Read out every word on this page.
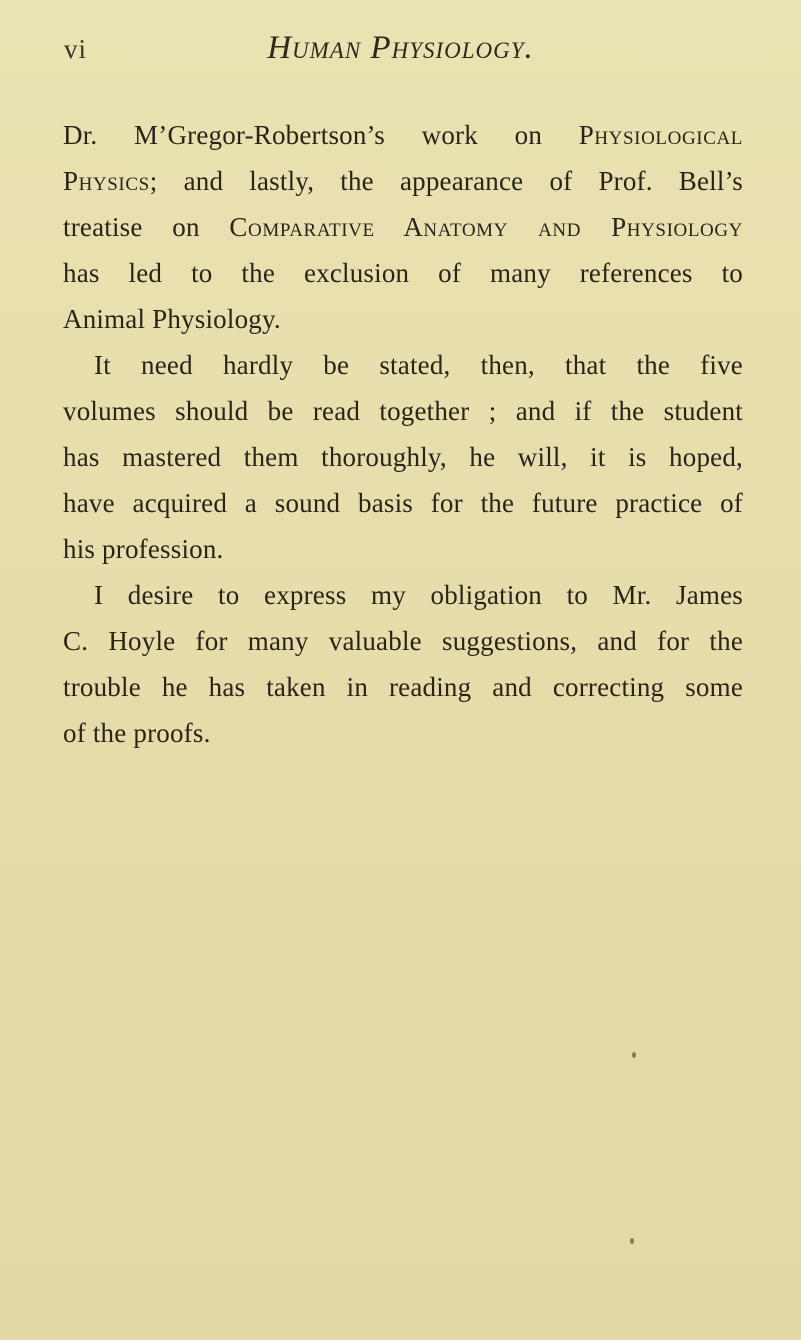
vi	Human Physiology.
Dr. M’Gregor-Robertson’s work on Physiological
Physics; and lastly, the appearance of Prof. Bell’s
treatise on Comparative Anatomy and Physiology
has led to the exclusion of many references to
Animal Physiology.
It need hardly be stated, then, that the five
volumes should be read together ; and if the student
has mastered them thoroughly, he will, it is hoped,
have acquired a sound basis for the future practice of
his profession.
I desire to express my obligation to Mr. James
C. Hoyle for many valuable suggestions, and for the
trouble he has taken in reading and correcting some
of the proofs.
